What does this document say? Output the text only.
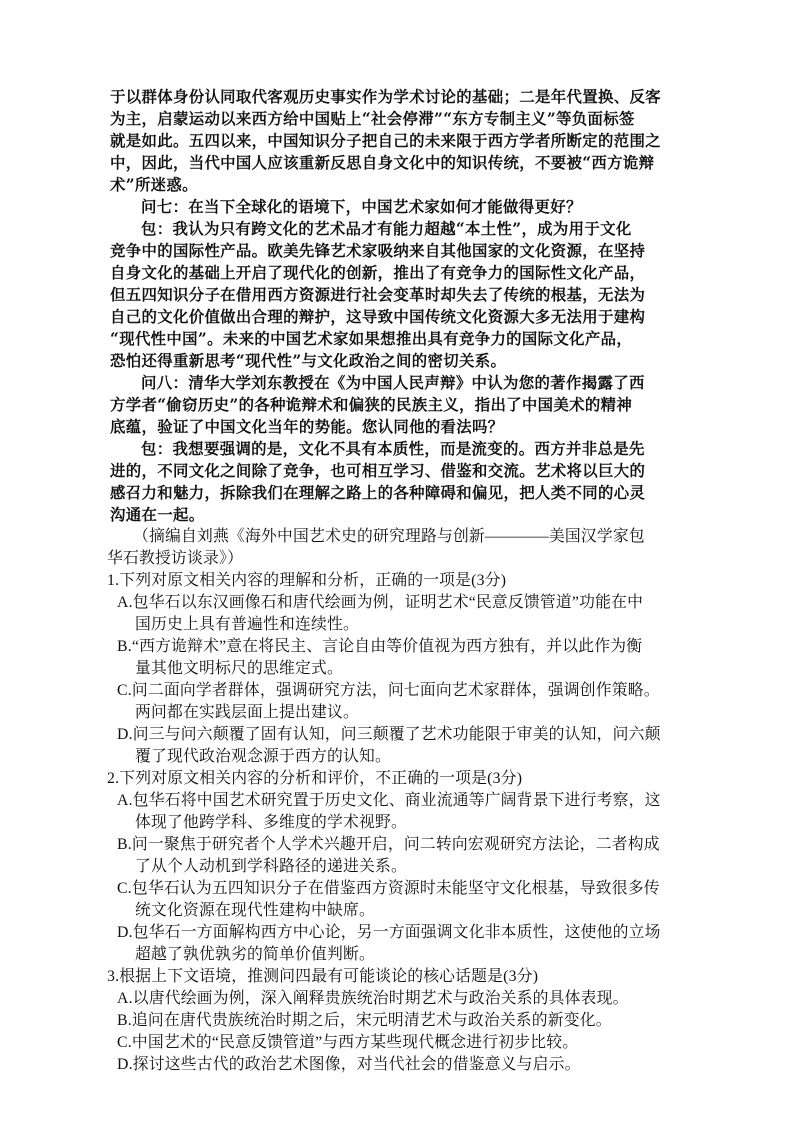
于以群体身份认同取代客观历史事实作为学术讨论的基础；二是年代置换、反客
为主，启蒙运动以来西方给中国贴上“社会停滞”“东方专制主义”等负面标签
就是如此。五四以来，中国知识分子把自己的未来限于西方学者所断定的范围之
中，因此，当代中国人应该重新反思自身文化中的知识传统，不要被“西方诡辩
术”所迷惑。
问七：在当下全球化的语境下，中国艺术家如何才能做得更好？
包：我认为只有跨文化的艺术品才有能力超越“本土性”，成为用于文化
竞争中的国际性产品。欧美先锋艺术家吸纳来自其他国家的文化资源，在坚持
自身文化的基础上开启了现代化的创新，推出了有竞争力的国际性文化产品，
但五四知识分子在借用西方资源进行社会变革时却失去了传统的根基，无法为
自己的文化价值做出合理的辩护，这导致中国传统文化资源大多无法用于建构
“现代性中国”。未来的中国艺术家如果想推出具有竞争力的国际文化产品，
恐怕还得重新思考“现代性”与文化政治之间的密切关系。
问八：清华大学刘东教授在《为中国人民声辩》中认为您的著作揭露了西
方学者“偷窃历史”的各种诡辩术和偏狭的民族主义，指出了中国美术的精神
底蕴，验证了中国文化当年的势能。您认同他的看法吗？
包：我想要强调的是，文化不具有本质性，而是流变的。西方并非总是先
进的，不同文化之间除了竞争，也可相互学习、借鉴和交流。艺术将以巨大的
感召力和魅力，拆除我们在理解之路上的各种障碍和偏见，把人类不同的心灵
沟通在一起。
（摘编自刘燕《海外中国艺术史的研究理路与创新————美国汉学家包
华石教授访谈录》）
1.下列对原文相关内容的理解和分析，正确的一项是(3分)
A.包华石以东汉画像石和唐代绘画为例，证明艺术“民意反馈管道”功能在中
国历史上具有普遍性和连续性。
B.“西方诡辩术”意在将民主、言论自由等价值视为西方独有，并以此作为衡
量其他文明标尺的思维定式。
C.问二面向学者群体，强调研究方法，问七面向艺术家群体，强调创作策略。
两问都在实践层面上提出建议。
D.问三与问六颠覆了固有认知，问三颠覆了艺术功能限于审美的认知，问六颠
覆了现代政治观念源于西方的认知。
2.下列对原文相关内容的分析和评价，不正确的一项是(3分)
A.包华石将中国艺术研究置于历史文化、商业流通等广阔背景下进行考察，这
体现了他跨学科、多维度的学术视野。
B.问一聚焦于研究者个人学术兴趣开启，问二转向宏观研究方法论，二者构成
了从个人动机到学科路径的递进关系。
C.包华石认为五四知识分子在借鉴西方资源时未能坚守文化根基，导致很多传
统文化资源在现代性建构中缺席。
D.包华石一方面解构西方中心论，另一方面强调文化非本质性，这使他的立场
超越了孰优孰劣的简单价值判断。
3.根据上下文语境，推测问四最有可能谈论的核心话题是(3分)
A.以唐代绘画为例，深入阐释贵族统治时期艺术与政治关系的具体表现。
B.追问在唐代贵族统治时期之后，宋元明清艺术与政治关系的新变化。
C.中国艺术的“民意反馈管道”与西方某些现代概念进行初步比较。
D.探讨这些古代的政治艺术图像，对当代社会的借鉴意义与启示。
